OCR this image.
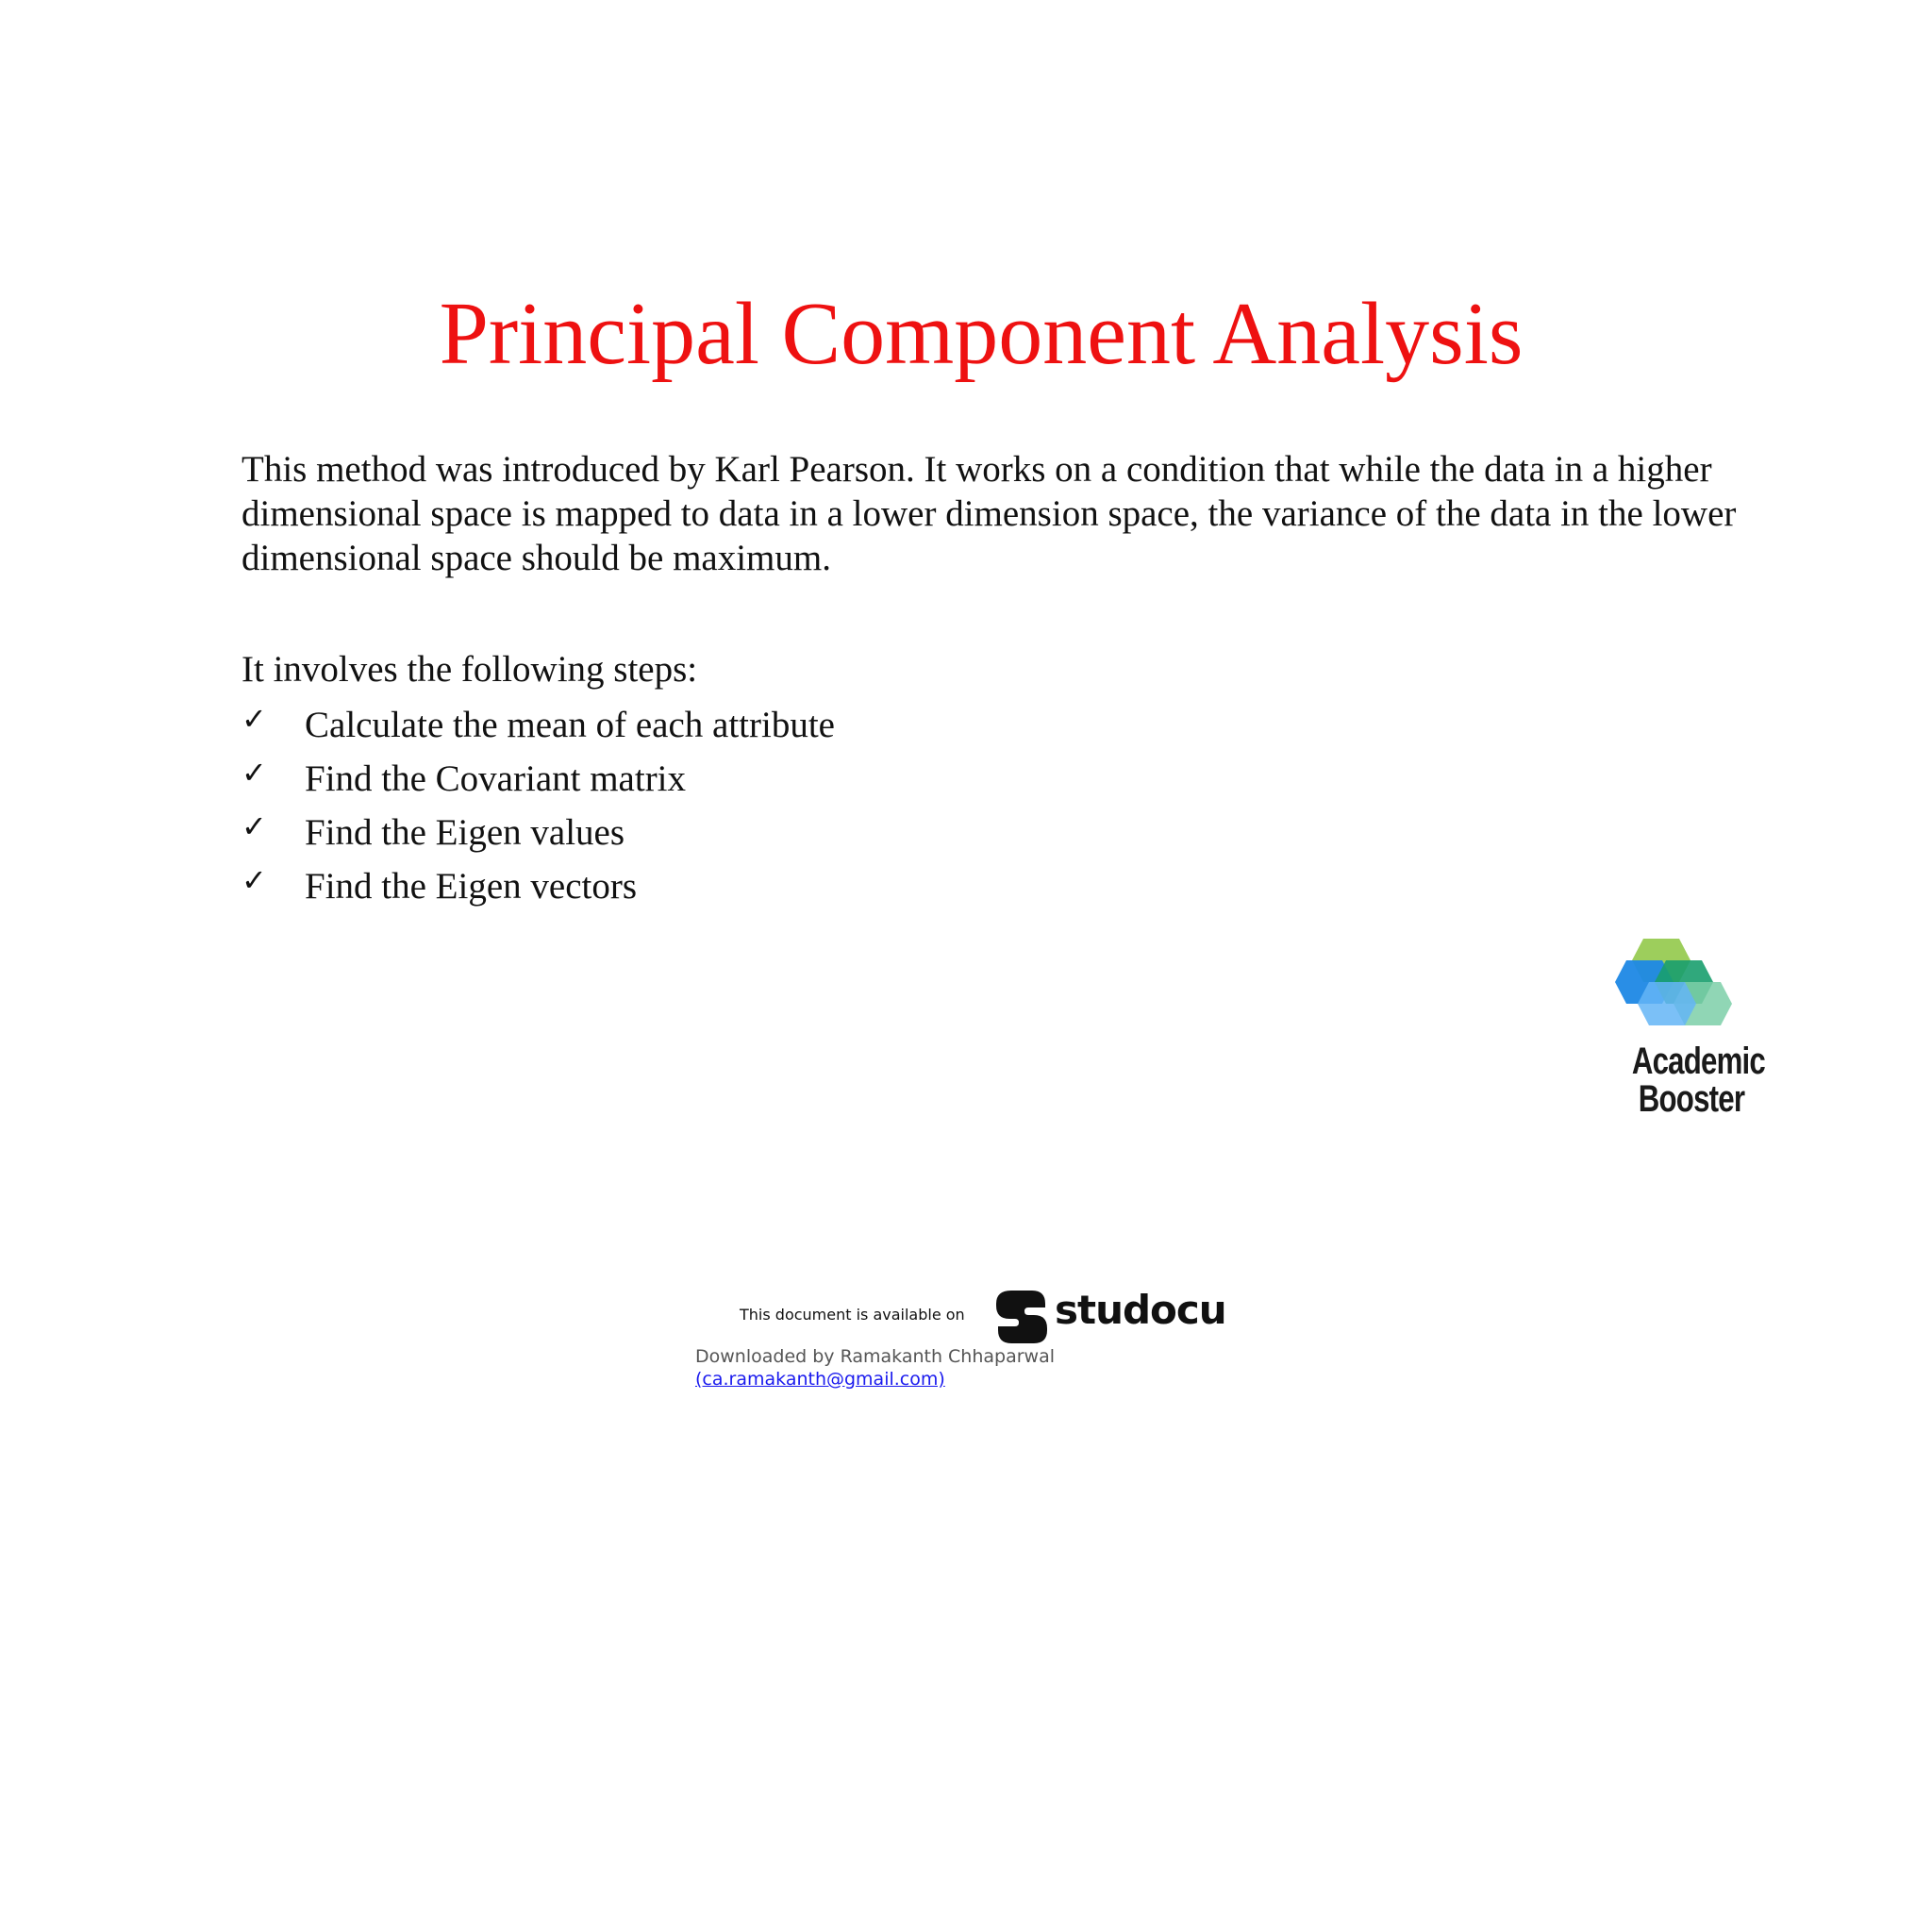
Principal Component Analysis

This method was introduced by Karl Pearson. It works on a condition that while the data in a higher dimensional space is mapped to data in a lower dimension space, the variance of the data in the lower dimensional space should be maximum.

It involves the following steps:

✓ Calculate the mean of each attribute
✓ Find the Covariant matrix
✓ Find the Eigen values
✓ Find the Eigen vectors
Academic
Booster
This document is available on studocu
Downloaded by Ramakanth Chhaparwal
(ca.ramakanth@gmail.com)
